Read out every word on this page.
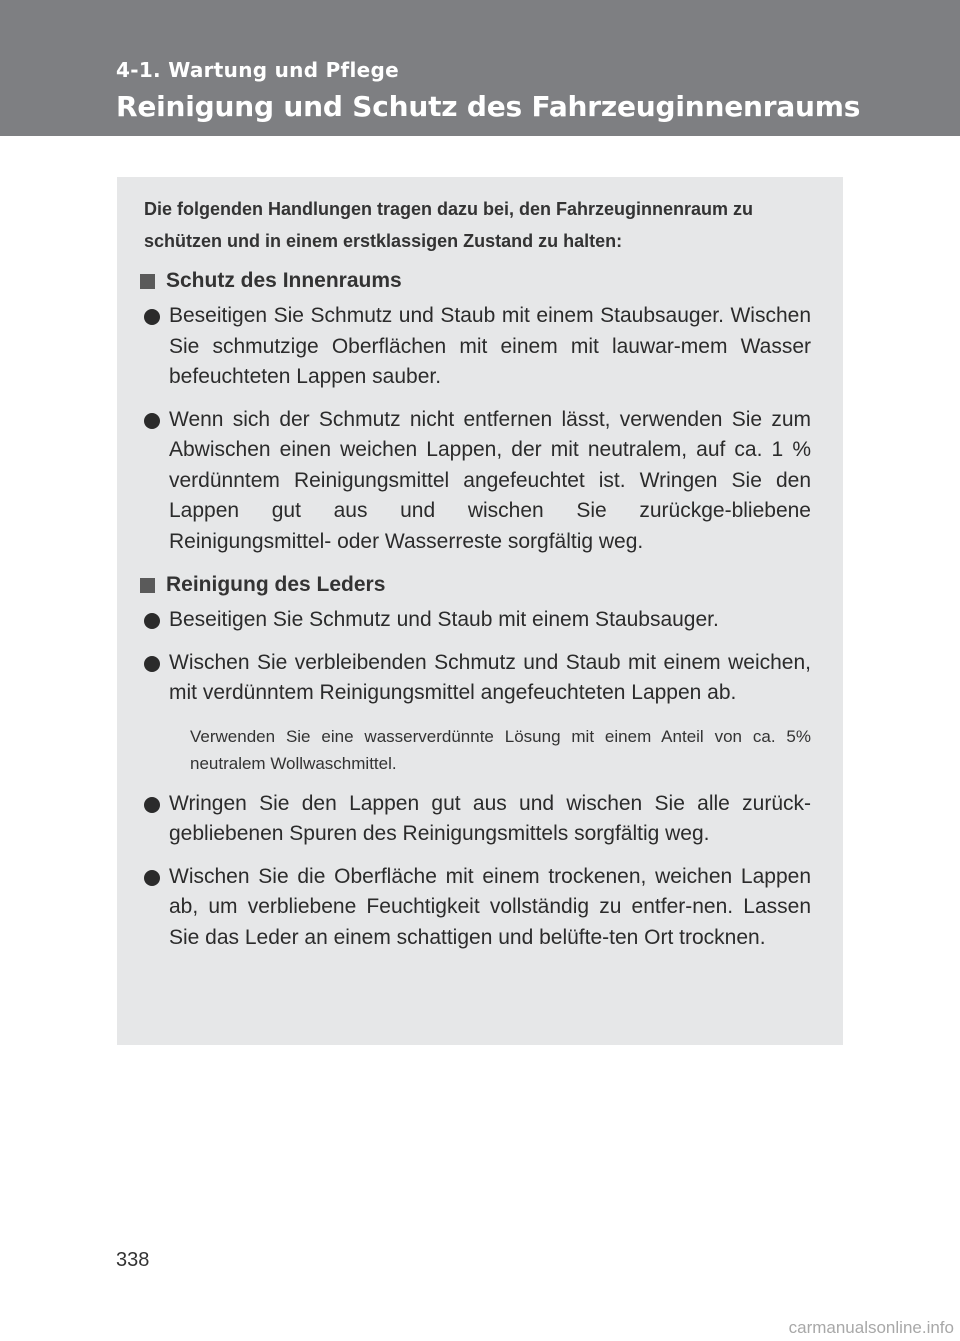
4-1. Wartung und Pflege
Reinigung und Schutz des Fahrzeuginnenraums

Die folgenden Handlungen tragen dazu bei, den Fahrzeuginnenraum zu schützen und in einem erstklassigen Zustand zu halten:

Schutz des Innenraums
Beseitigen Sie Schmutz und Staub mit einem Staubsauger. Wischen Sie schmutzige Oberflächen mit einem mit lauwar-mem Wasser befeuchteten Lappen sauber.
Wenn sich der Schmutz nicht entfernen lässt, verwenden Sie zum Abwischen einen weichen Lappen, der mit neutralem, auf ca. 1 % verdünntem Reinigungsmittel angefeuchtet ist. Wringen Sie den Lappen gut aus und wischen Sie zurückge-bliebene Reinigungsmittel- oder Wasserreste sorgfältig weg.
Reinigung des Leders
Beseitigen Sie Schmutz und Staub mit einem Staubsauger.
Wischen Sie verbleibenden Schmutz und Staub mit einem weichen, mit verdünntem Reinigungsmittel angefeuchteten Lappen ab.

Verwenden Sie eine wasserverdünnte Lösung mit einem Anteil von ca. 5% neutralem Wollwaschmittel.

Wringen Sie den Lappen gut aus und wischen Sie alle zurück-gebliebenen Spuren des Reinigungsmittels sorgfältig weg.
Wischen Sie die Oberfläche mit einem trockenen, weichen Lappen ab, um verbliebene Feuchtigkeit vollständig zu entfer-nen. Lassen Sie das Leder an einem schattigen und belüfte-ten Ort trocknen.
338
carmanualsonline.info
